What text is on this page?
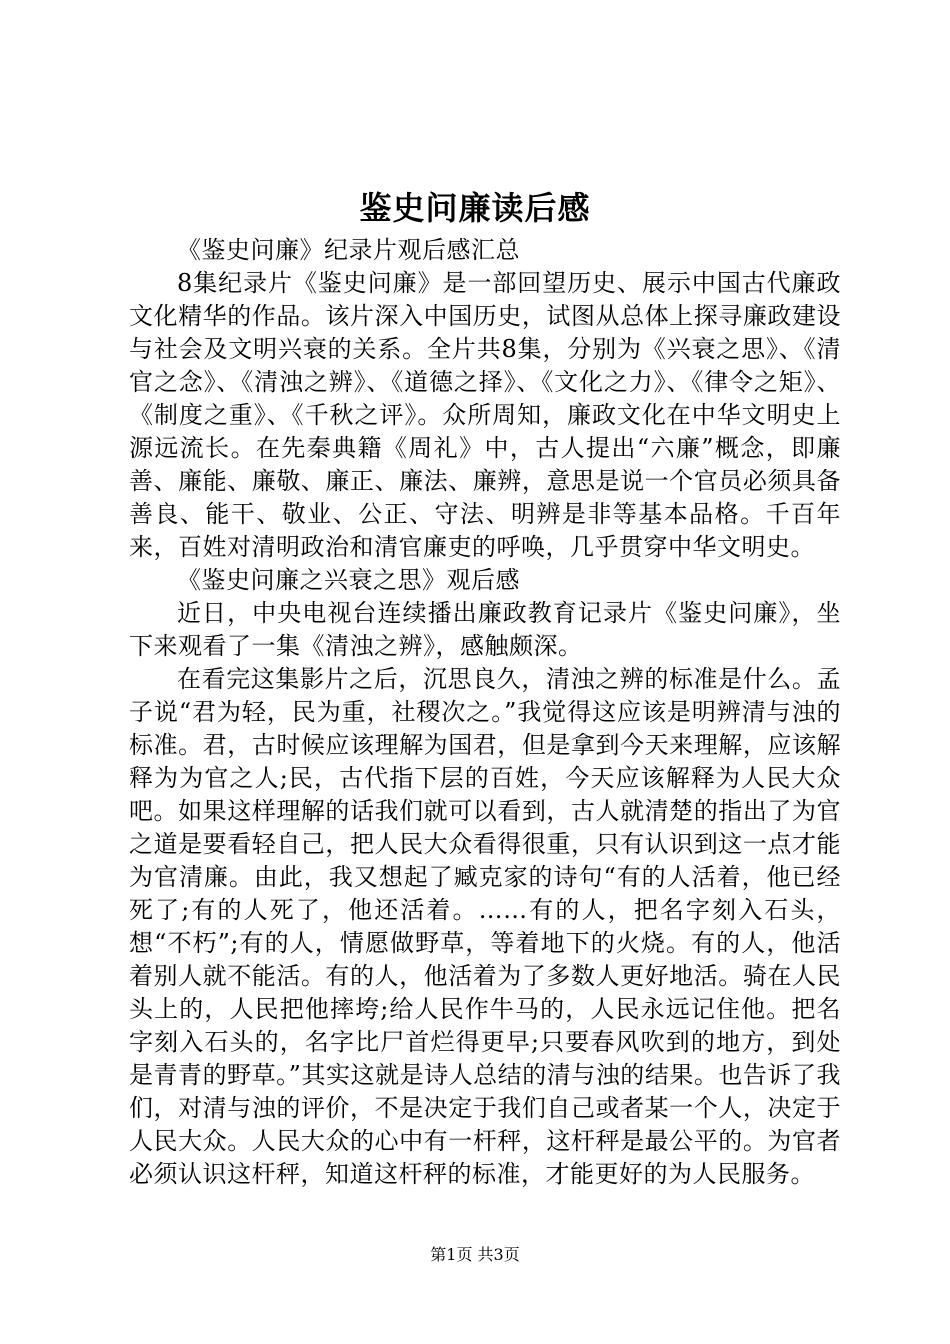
鉴史问廉读后感

《鉴史问廉》纪录片观后感汇总

8集纪录片《鉴史问廉》是一部回望历史、展示中国古代廉政文化精华的作品。该片深入中国历史，试图从总体上探寻廉政建设与社会及文明兴衰的关系。全片共8集，分别为《兴衰之思》、《清官之念》、《清浊之辨》、《道德之择》、《文化之力》、《律令之矩》、《制度之重》、《千秋之评》。众所周知，廉政文化在中华文明史上源远流长。在先秦典籍《周礼》中，古人提出“六廉”概念，即廉善、廉能、廉敬、廉正、廉法、廉辨，意思是说一个官员必须具备善良、能干、敬业、公正、守法、明辨是非等基本品格。千百年来，百姓对清明政治和清官廉吏的呼唤，几乎贯穿中华文明史。

《鉴史问廉之兴衰之思》观后感

近日，中央电视台连续播出廉政教育记录片《鉴史问廉》，坐下来观看了一集《清浊之辨》，感触颇深。

在看完这集影片之后，沉思良久，清浊之辨的标准是什么。孟子说“君为轻，民为重，社稷次之。”我觉得这应该是明辨清与浊的标准。君，古时候应该理解为国君，但是拿到今天来理解，应该解释为为官之人;民，古代指下层的百姓，今天应该解释为人民大众吧。如果这样理解的话我们就可以看到，古人就清楚的指出了为官之道是要看轻自己，把人民大众看得很重，只有认识到这一点才能为官清廉。由此，我又想起了臧克家的诗句“有的人活着，他已经死了;有的人死了，他还活着。……有的人，把名字刻入石头，想“不朽”;有的人，情愿做野草，等着地下的火烧。有的人，他活着别人就不能活。有的人，他活着为了多数人更好地活。骑在人民头上的，人民把他摔垮;给人民作牛马的，人民永远记住他。把名字刻入石头的，名字比尸首烂得更早;只要春风吹到的地方，到处是青青的野草。”其实这就是诗人总结的清与浊的结果。也告诉了我们，对清与浊的评价，不是决定于我们自己或者某一个人，决定于人民大众。人民大众的心中有一杆秤，这杆秤是最公平的。为官者必须认识这杆秤，知道这杆秤的标准，才能更好的为人民服务。

第1页 共3页
